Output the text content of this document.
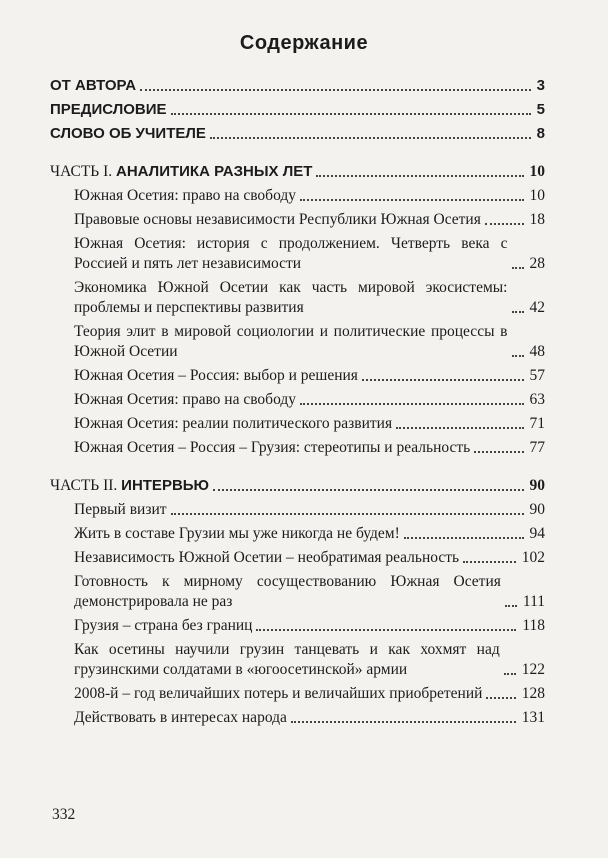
Содержание
ОТ АВТОРА	3
ПРЕДИСЛОВИЕ	5
СЛОВО ОБ УЧИТЕЛЕ	8
ЧАСТЬ I. АНАЛИТИКА РАЗНЫХ ЛЕТ	10
Южная Осетия: право на свободу	10
Правовые основы независимости Республики Южная Осетия	18
Южная Осетия: история с продолжением. Четверть века с Россией и пять лет независимости	28
Экономика Южной Осетии как часть мировой экосистемы: проблемы и перспективы развития	42
Теория элит в мировой социологии и политические процессы в Южной Осетии	48
Южная Осетия – Россия: выбор и решения	57
Южная Осетия: право на свободу	63
Южная Осетия: реалии политического развития	71
Южная Осетия – Россия – Грузия: стереотипы и реальность	77
ЧАСТЬ II. ИНТЕРВЬЮ	90
Первый визит	90
Жить в составе Грузии мы уже никогда не будем!	94
Независимость Южной Осетии – необратимая реальность	102
Готовность к мирному сосуществованию Южная Осетия демонстрировала не раз	111
Грузия – страна без границ	118
Как осетины научили грузин танцевать и как хохмят над грузинскими солдатами в «югоосетинской» армии	122
2008-й – год величайших потерь и величайших приобретений	128
Действовать в интересах народа	131
332
